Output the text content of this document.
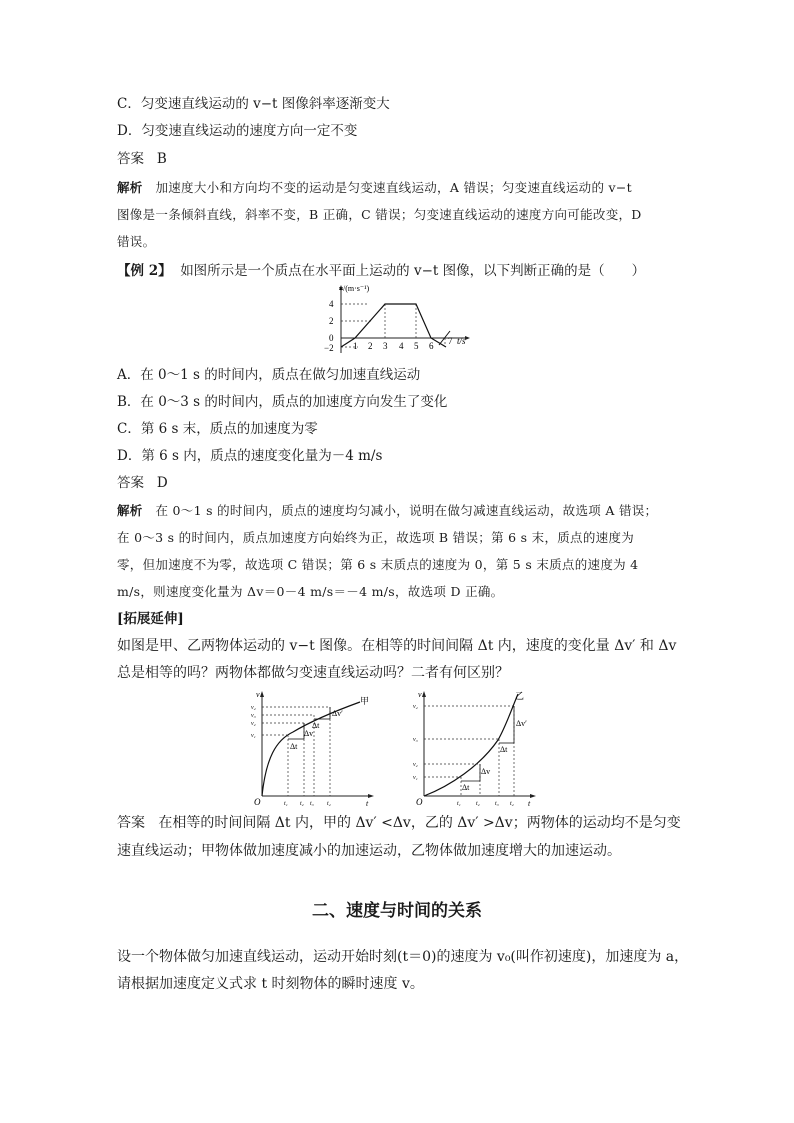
C．匀变速直线运动的 v−t 图像斜率逐渐变大
D．匀变速直线运动的速度方向一定不变
答案 B
解析 加速度大小和方向均不变的运动是匀变速直线运动，A 错误；匀变速直线运动的 v−t
图像是一条倾斜直线，斜率不变，B 正确，C 错误；匀变速直线运动的速度方向可能改变，D
错误。
【例 2】 如图所示是一个质点在水平面上运动的 v−t 图像，以下判断正确的是（　　）
v/(m·s⁻¹)
4
2
0
−2 1 2 3 4 5 6 7 t/s
A．在 0～1 s 的时间内，质点在做匀加速直线运动
B．在 0～3 s 的时间内，质点的加速度方向发生了变化
C．第 6 s 末，质点的加速度为零
D．第 6 s 内，质点的速度变化量为－4 m/s
答案 D
解析 在 0～1 s 的时间内，质点的速度均匀减小，说明在做匀减速直线运动，故选项 A 错误；
在 0～3 s 的时间内，质点加速度方向始终为正，故选项 B 错误；第 6 s 末，质点的速度为
零，但加速度不为零，故选项 C 错误；第 6 s 末质点的速度为 0，第 5 s 末质点的速度为 4
m/s，则速度变化量为 Δv＝0－4 m/s＝－4 m/s，故选项 D 正确。
[拓展延伸]
如图是甲、乙两物体运动的 v−t 图像。在相等的时间间隔 Δt 内，速度的变化量 Δv′ 和 Δv
总是相等的吗？两物体都做匀变速直线运动吗？二者有何区别？
v
t
O
v₄
v₃
v₂
v₁
t₁ t₂ t₃ t₄
Δt
Δv
Δt
Δv′
甲
v
t
O
v₄
v₃
v₂
v₁
t₁	t₂	t₃ t₄
Δt
Δv
Δt
Δv′
乙
答案 在相等的时间间隔 Δt 内，甲的 Δv′ <Δv，乙的 Δv′ >Δv；两物体的运动均不是匀变
速直线运动；甲物体做加速度减小的加速运动，乙物体做加速度增大的加速运动。
二、速度与时间的关系
设一个物体做匀加速直线运动，运动开始时刻(t＝0)的速度为 v₀(叫作初速度)，加速度为 a，
请根据加速度定义式求 t 时刻物体的瞬时速度 v。
